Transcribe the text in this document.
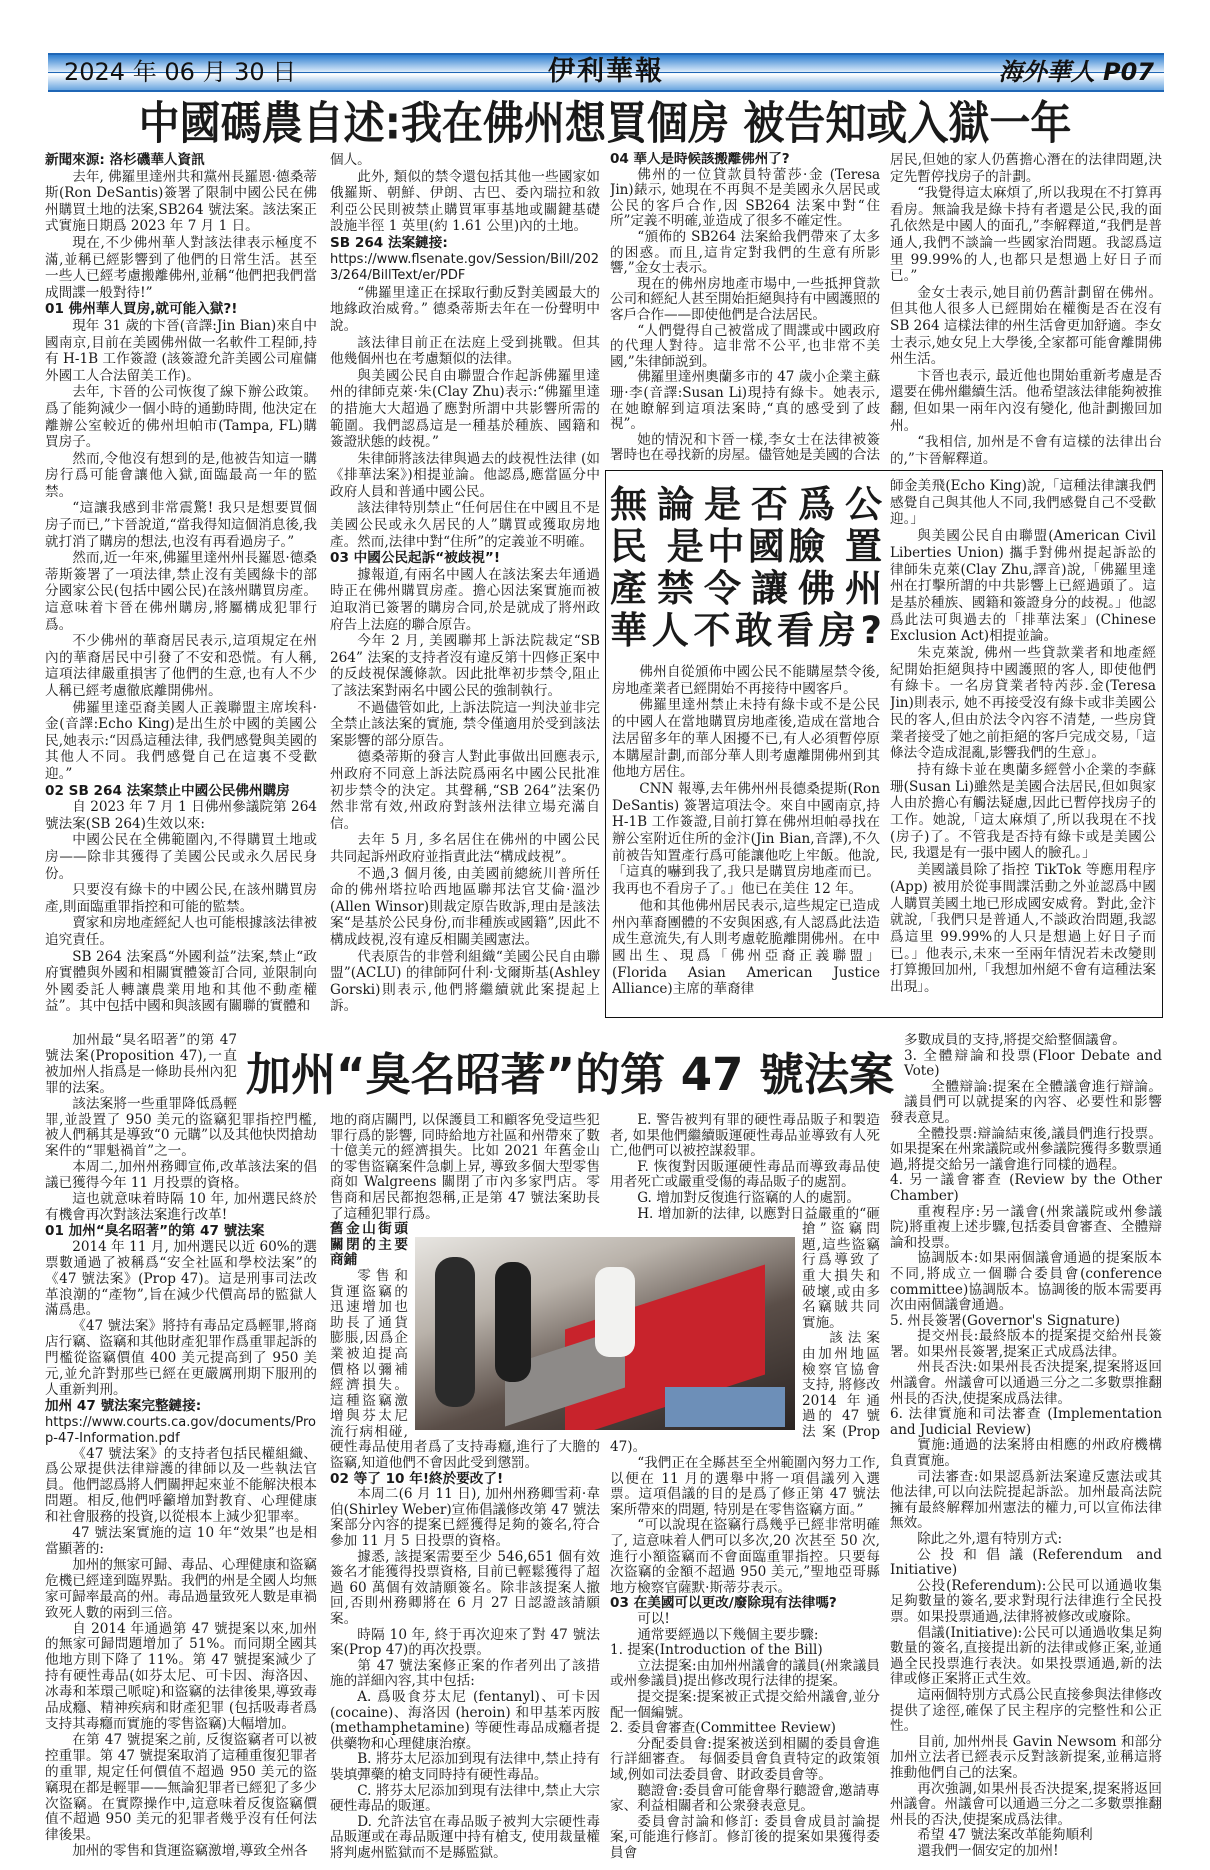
2024 年 06 月 30 日	伊利華報	海外華人 P07
中國碼農自述:我在佛州想買個房 被告知或入獄一年
新聞來源: 洛杉磯華人資訊

去年, 佛羅里達州共和黨州長羅恩·德桑蒂斯(Ron DeSantis)簽署了限制中國公民在佛州購買土地的法案,SB264 號法案。該法案正式實施日期爲 2023 年 7 月 1 日。

現在,不少佛州華人對該法律表示極度不滿,並稱已經影響到了他們的日常生活。甚至一些人已經考慮搬離佛州,並稱“他們把我們當成間諜一般對待!”

01 佛州華人買房,就可能入獄?!

現年 31 歲的卞晉(音譯:Jin Bian)來自中國南京,目前在美國佛州做一名軟件工程師,持有 H-1B 工作簽證 (該簽證允許美國公司雇傭外國工人合法留美工作)。

去年, 卞晉的公司恢復了線下辦公政策。爲了能夠減少一個小時的通勤時間, 他決定在離辦公室較近的佛州坦帕市(Tampa, FL)購買房子。

然而,令他沒有想到的是,他被告知這一購房行爲可能會讓他入獄,面臨最高一年的監禁。

“這讓我感到非常震驚! 我只是想要買個房子而已,”卞晉說道,“當我得知這個消息後,我就打消了購房的想法,也沒有再看過房子。”

然而,近一年來,佛羅里達州州長羅恩·德桑蒂斯簽署了一項法律,禁止沒有美國綠卡的部分國家公民(包括中國公民)在該州購買房產。這意味着卞晉在佛州購房,將屬構成犯罪行爲。

不少佛州的華裔居民表示,這項規定在州內的華裔居民中引發了不安和恐慌。有人稱,這項法律嚴重損害了他們的生意,也有人不少人稱已經考慮徹底離開佛州。

佛羅里達亞裔美國人正義聯盟主席埃科·金(音譯:Echo King)是出生於中國的美國公民,她表示:“因爲這種法律, 我們感覺與美國的其他人不同。我們感覺自己在這裏不受歡迎。”

02 SB 264 法案禁止中國公民佛州購房

自 2023 年 7 月 1 日佛州參議院第 264 號法案(SB 264)生效以來:

中國公民在全佛範圍內,不得購買土地或房——除非其獲得了美國公民或永久居民身份。

只要沒有綠卡的中國公民,在該州購買房產,則面臨重罪指控和可能的監禁。

賣家和房地產經紀人也可能根據該法律被追究責任。

SB 264 法案爲“外國利益”法案,禁止“政府實體與外國和相關實體簽訂合同, 並限制向外國委託人轉讓農業用地和其他不動產權益”。其中包括中國和與該國有關聯的實體和

個人。

此外, 類似的禁令還包括其他一些國家如俄羅斯、朝鮮、伊朗、古巴、委內瑞拉和敘利亞公民則被禁止購買軍事基地或關鍵基礎設施半徑 1 英里(約 1.61 公里)內的土地。

SB 264 法案鏈接:

https://www.flsenate.gov/Session/Bill/2023/264/BillText/er/PDF

“佛羅里達正在採取行動反對美國最大的地緣政治威脅。” 德桑蒂斯去年在一份聲明中說。

該法律目前正在法庭上受到挑戰。但其他幾個州也在考慮類似的法律。

與美國公民自由聯盟合作起訴佛羅里達州的律師克萊·朱(Clay Zhu)表示:“佛羅里達的措施大大超過了應對所謂中共影響所需的範圍。我們認爲這是一種基於種族、國籍和簽證狀態的歧視。”

朱律師將該法律與過去的歧視性法律 (如《排華法案》)相提並論。他認爲,應當區分中政府人員和普通中國公民。

該法律特別禁止“任何居住在中國且不是美國公民或永久居民的人”購買或獲取房地產。然而,法律中對“住所”的定義並不明確。

03 中國公民起訴“被歧視”!

據報道,有兩名中國人在該法案去年通過時正在佛州購買房產。擔心因法案實施而被迫取消已簽署的購房合同,於是就成了將州政府告上法庭的聯合原告。

今年 2 月, 美國聯邦上訴法院裁定“SB 264” 法案的支持者沒有違反第十四修正案中的反歧視保護條款。因此批準初步禁令,阻止了該法案對兩名中國公民的強制執行。

不過儘管如此, 上訴法院這一判決並非完全禁止該法案的實施, 禁令僅適用於受到該法案影響的部分原告。

德桑蒂斯的發言人對此事做出回應表示,州政府不同意上訴法院爲兩名中國公民批准初步禁令的決定。其聲稱,“SB 264”法案仍然非常有效,州政府對該州法律立場充滿自信。

去年 5 月, 多名居住在佛州的中國公民共同起訴州政府並指責此法“構成歧視”。

不過,3 個月後, 由美國前總統川普所任命的佛州塔拉哈西地區聯邦法官艾倫·溫沙(Allen Winsor)則裁定原告敗訴,理由是該法案“是基於公民身份,而非種族或國籍”,因此不構成歧視,沒有違反相關美國憲法。

代表原告的非營利組織“美國公民自由聯盟”(ACLU) 的律師阿什利·戈爾斯基(Ashley Gorski)則表示,他們將繼續就此案提起上訴。

04 華人是時候該搬離佛州了?

佛州的一位貸款員特蕾莎·金 (Teresa Jin)錶示, 她現在不再與不是美國永久居民或公民的客戶合作,因 SB264 法案中對“住所”定義不明確,並造成了很多不確定性。

“頒佈的 SB264 法案給我們帶來了太多的困惑。而且,這肯定對我們的生意有所影響,”金女士表示。

現在的佛州房地產市場中,一些抵押貸款公司和經紀人甚至開始拒絕與持有中國護照的客戶合作——即使他們是合法居民。

“人們覺得自己被當成了間諜或中國政府的代理人對待。這非常不公平,也非常不美國,”朱律師説到。

佛羅里達州奧蘭多市的 47 歲小企業主蘇珊·李(音譯:Susan Li)現持有綠卡。她表示,在她瞭解到這項法案時,“真的感受到了歧視”。

她的情況和卞晉一樣,李女士在法律被簽署時也在尋找新的房屋。儘管她是美國的合法

居民,但她的家人仍舊擔心潛在的法律問題,決定先暫停找房子的計劃。

“我覺得這太麻煩了,所以我現在不打算再看房。無論我是綠卡持有者還是公民,我的面孔依然是中國人的面孔,”李解釋道,“我們是普通人,我們不談論一些國家治問題。我認爲這里 99.99%的人,也都只是想過上好日子而已。”

金女士表示,她目前仍舊計劃留在佛州。但其他人很多人已經開始在權衡是否在沒有 SB 264 這樣法律的州生活會更加舒適。李女士表示,她女兒上大學後,全家都可能會離開佛州生活。

卞晉也表示, 最近他也開始重新考慮是否還要在佛州繼續生活。他希望該法律能夠被推翻, 但如果一兩年內沒有變化, 他計劃搬回加州。

“我相信, 加州是不會有這樣的法律出台的,”卞晉解釋道。

無論是否爲公
民 是中國臉 置
產禁令讓佛州
華人不敢看房?

佛州自從頒佈中國公民不能購屋禁令後,房地產業者已經開始不再接待中國客戶。

佛羅里達州禁止未持有綠卡或不是公民的中國人在當地購買房地產後,造成在當地合法居留多年的華人困擾不已,有人必須暫停原本購屋計劃,而部分華人則考慮離開佛州到其他地方居住。

CNN 報導,去年佛州州長德桑提斯(Ron DeSantis) 簽署這項法令。來自中國南京,持 H-1B 工作簽證,目前打算在佛州坦帕尋找在辦公室附近住所的金汴(Jin Bian,音譯),不久前被告知置產行爲可能讓他吃上牢飯。他說,「這真的嚇到我了,我只是購買房地產而已。我再也不看房子了。」他已在美住 12 年。

他和其他佛州居民表示,這些規定已造成州內華裔團體的不安與困惑,有人認爲此法造成生意流失,有人則考慮乾脆離開佛州。在中國出生、現爲「佛州亞裔正義聯盟」(Florida Asian American Justice Alliance)主席的華裔律

師金美飛(Echo King)說,「這種法律讓我們感覺自己與其他人不同,我們感覺自己不受歡迎。」

與美國公民自由聯盟(American Civil Liberties Union) 攜手對佛州提起訴訟的律師朱克萊(Clay Zhu,譯音)說,「佛羅里達州在打擊所謂的中共影響上已經過頭了。這是基於種族、國籍和簽證身分的歧視。」他認爲此法可與過去的「排華法案」(Chinese Exclusion Act)相提並論。

朱克萊說, 佛州一些貸款業者和地產經紀開始拒絕與持中國護照的客人, 即使他們有綠卡。一名房貸業者特芮莎.金(Teresa Jin)則表示, 她不再接受沒有綠卡或非美國公民的客人,但由於法令內容不清楚, 一些房貸業者接受了她之前拒絕的客戶完成交易,「這條法令造成混亂,影響我們的生意」。

持有綠卡並在奧蘭多經營小企業的李蘇珊(Susan Li)雖然是美國合法居民,但如與家人由於擔心有觸法疑慮,因此已暫停找房子的工作。她說,「這太麻煩了,所以我現在不找(房子)了。不管我是否持有綠卡或是美國公民, 我還是有一張中國人的臉孔。」

美國議員除了指控 TikTok 等應用程序(App) 被用於從事間諜活動之外並認爲中國人購買美國土地已形成國安威脅。對此,金汴就說,「我們只是普通人,不談政治問題,我認爲這里 99.99%的人只是想過上好日子而已。」他表示,未來一至兩年情況若未改變則打算搬回加州,「我想加州絕不會有這種法案出現」。

加州“臭名昭著”的第 47 號法案

加州最“臭名昭著”的第 47 號法案(Proposition 47),一直被加州人指爲是一條助長州內犯罪的法案。

該法案將一些重罪降低爲輕罪,並設置了 950 美元的盜竊犯罪指控門檻, 被人們稱其是導致“0 元購”以及其他快閃搶劫案件的“罪魁禍首”之一。

本周二,加州州務卿宣佈,改革該法案的倡議已獲得今年 11 月投票的資格。

這也就意味着時隔 10 年, 加州選民終於有機會再次對該法案進行改革!

01 加州“臭名昭著”的第 47 號法案

2014 年 11 月, 加州選民以近 60%的選票數通過了被稱爲“安全社區和學校法案”的《47 號法案》(Prop 47)。這是刑事司法改革浪潮的“產物”,旨在減少代價高昂的監獄人滿爲患。

《47 號法案》將持有毒品定爲輕罪,將商店行竊、盜竊和其他財產犯罪作爲重罪起訴的門檻從盜竊價值 400 美元提高到了 950 美元,並允許對那些已經在更嚴厲刑期下服刑的人重新判刑。

加州 47 號法案完整鏈接:

https://www.courts.ca.gov/documents/Prop-47-Information.pdf

《47 號法案》的支持者包括民權組織、爲公眾提供法律辯護的律師以及一些執法官員。他們認爲將人們關押起來並不能解決根本問題。相反,他們呼籲增加對教育、心理健康和社會服務的投資,以從根本上減少犯罪率。

47 號法案實施的這 10 年“效果”也是相當顯著的:

加州的無家可歸、毒品、心理健康和盜竊危機已經達到臨界點。我們的州是全國人均無家可歸率最高的州。毒品過量致死人數是車禍致死人數的兩到三倍。

自 2014 年通過第 47 號提案以來,加州的無家可歸問題增加了 51%。而同期全國其他地方則下降了 11%。第 47 號提案減少了持有硬性毒品(如芬太尼、可卡因、海洛因、冰毒和苯環己哌啶)和盜竊的法律後果,導致毒品成癮、精神疾病和財產犯罪 (包括吸毒者爲支持其毒癮而實施的零售盜竊)大幅增加。

在第 47 號提案之前, 反復盜竊者可以被控重罪。第 47 號提案取消了這種重復犯罪者的重罪, 規定任何價值不超過 950 美元的盜竊現在都是輕罪——無論犯罪者已經犯了多少次盜竊。在實際操作中,這意味着反復盜竊價值不超過 950 美元的犯罪者幾乎沒有任何法律後果。

加州的零售和貨運盜竊激增,導致全州各

地的商店關門, 以保護員工和顧客免受這些犯罪行爲的影響, 同時給地方社區和州帶來了數十億美元的經濟損失。比如 2021 年舊金山的零售盜竊案件急劇上昇, 導致多個大型零售商如 Walgreens 關閉了市內多家門店。零售商和居民都抱怨稱,正是第 47 號法案助長了這種犯罪行爲。

舊金山街頭關閉的主要商鋪

零售和貨運盜竊的迅速增加也助長了通貨膨脹,因爲企業被迫提高價格以彌補經濟損失。這種盜竊激增與芬太尼流行病相碰,硬性毒品使用者爲了支持毒癮,進行了大膽的盜竊,知道他們不會因此受到懲罰。

02 等了 10 年!終於要改了!

本周二(6 月 11 日), 加州州務卿雪莉·韋伯(Shirley Weber)宣佈倡議修改第 47 號法案部分內容的提案已經獲得足夠的簽名,符合參加 11 月 5 日投票的資格。

據悉, 該提案需要至少 546,651 個有效簽名才能獲得投票資格, 目前已輕鬆獲得了超過 60 萬個有效請願簽名。除非該提案人撤回,否則州務卿將在 6 月 27 日認證該請願案。

時隔 10 年, 終于再次迎來了對 47 號法案(Prop 47)的再次投票。

第 47 號法案修正案的作者列出了該措施的詳細內容,其中包括:

A. 爲吸食芬太尼 (fentanyl)、可卡因 (cocaine)、海洛因 (heroin) 和甲基苯丙胺 (methamphetamine) 等硬性毒品成癮者提供藥物和心理健康治療。

B. 將芬太尼添加到現有法律中,禁止持有裝填彈藥的槍支同時持有硬性毒品。

C. 將芬太尼添加到現有法律中,禁止大宗硬性毒品的販運。

D. 允許法官在毒品販子被判大宗硬性毒品販運或在毒品販運中持有槍支, 使用裁量權將判處州監獄而不是縣監獄。

E. 警告被判有罪的硬性毒品販子和製造者, 如果他們繼續販運硬性毒品並導致有人死亡,他們可以被控謀殺罪。

F. 恢復對因販運硬性毒品而導致毒品使用者死亡或嚴重受傷的毒品販子的處罰。

G. 增加對反復進行盜竊的人的處罰。

H. 增加新的法律, 以應對日益嚴重的“砸搶”盜竊問題,這些盜竊行爲導致了重大損失和破壞,或由多名竊賊共同實施。

該法案由加州地區檢察官協會支持, 將修改 2014 年通過的 47 號法案(Prop 47)。

“我們正在全縣甚至全州範圍內努力工作,以便在 11 月的選舉中將一項倡議列入選票。這項倡議的目的是爲了修正第 47 號法案所帶來的問題, 特別是在零售盜竊方面。”

“可以說現在盜竊行爲幾乎已經非常明確了, 這意味着人們可以多次,20 次甚至 50 次,進行小額盜竊而不會面臨重罪指控。只要每次盜竊的金額不超過 950 美元,”聖地亞哥縣地方檢察官薩默·斯蒂芬表示。

03 在美國可以更改/廢除現有法律嗎?

可以!

通常要經過以下幾個主要步驟:

1. 提案(Introduction of the Bill)

立法提案:由加州州議會的議員(州衆議員或州參議員)提出修改現行法律的提案。

提交提案:提案被正式提交給州議會,並分配一個編號。

2. 委員會審查(Committee Review)

分配委員會:提案被送到相關的委員會進行詳細審查。 每個委員會負責特定的政策領域,例如司法委員會、財政委員會等。

聽證會:委員會可能會舉行聽證會,邀請專家、利益相關者和公衆發表意見。

委員會討論和修訂: 委員會成員討論提案,可能進行修訂。修訂後的提案如果獲得委員會

多數成員的支持,將提交給整個議會。

3. 全體辯論和投票(Floor Debate and Vote)

全體辯論:提案在全體議會進行辯論。議員們可以就提案的內容、必要性和影響發表意見。

全體投票:辯論結束後,議員們進行投票。如果提案在州衆議院或州參議院獲得多數票通過,將提交給另一議會進行同樣的過程。

4. 另一議會審查 (Review by the Other Chamber)

重複程序:另一議會(州衆議院或州參議院)將重複上述步驟,包括委員會審查、全體辯論和投票。

協調版本:如果兩個議會通過的提案版本不同,將成立一個聯合委員會(conference committee)協調版本。協調後的版本需要再次由兩個議會通過。

5. 州長簽署(Governor's Signature)

提交州長:最終版本的提案提交給州長簽署。如果州長簽署,提案正式成爲法律。

州長否決:如果州長否決提案,提案將返回州議會。州議會可以通過三分之二多數票推翻州長的否決,使提案成爲法律。

6. 法律實施和司法審查 (Implementation and Judicial Review)

實施:通過的法案將由相應的州政府機構負責實施。

司法審查:如果認爲新法案違反憲法或其他法律,可以向法院提起訴訟。加州最高法院擁有最終解釋加州憲法的權力,可以宣佈法律無效。

除此之外,還有特別方式:

公投和倡議(Referendum and Initiative)

公投(Referendum):公民可以通過收集足夠數量的簽名,要求對現行法律進行全民投票。如果投票通過,法律將被修改或廢除。

倡議(Initiative):公民可以通過收集足夠數量的簽名,直接提出新的法律或修正案,並通過全民投票進行表決。如果投票通過,新的法律或修正案將正式生效。

這兩個特別方式爲公民直接參與法律修改提供了途徑,確保了民主程序的完整性和公正性。

目前, 加州州長 Gavin Newsom 和部分加州立法者已經表示反對該新提案,並稱這將推動他們自己的法案。

再次強調,如果州長否決提案,提案將返回州議會。州議會可以通過三分之二多數票推翻州長的否決,使提案成爲法律。

希望 47 號法案改革能夠順利

還我們一個安定的加州!
